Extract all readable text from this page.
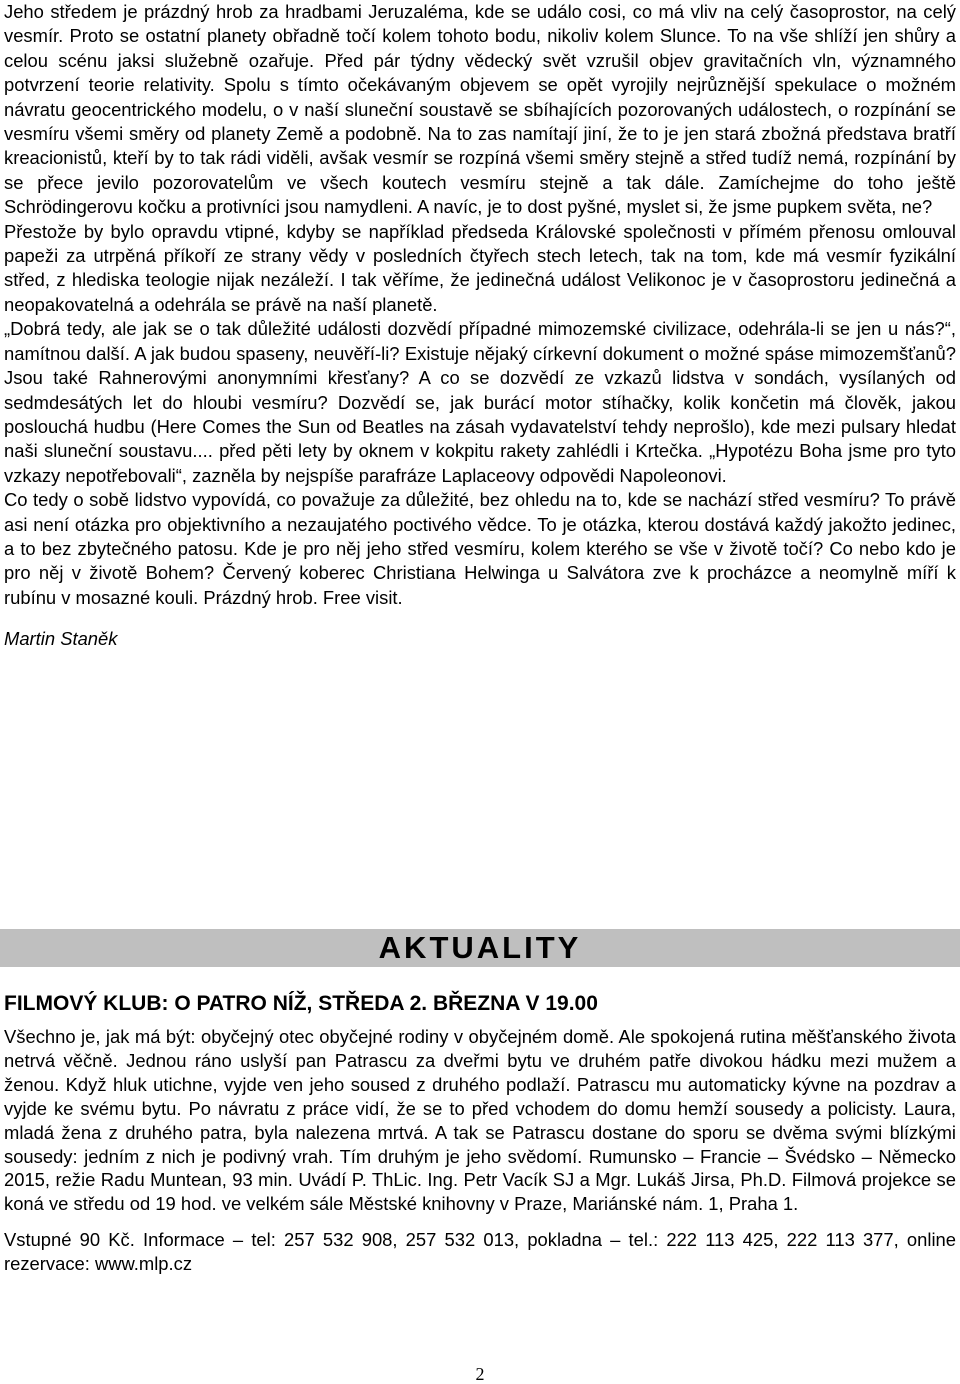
Jeho středem je prázdný hrob za hradbami Jeruzaléma, kde se událo cosi, co má vliv na celý časoprostor, na celý vesmír. Proto se ostatní planety obřadně točí kolem tohoto bodu, nikoliv kolem Slunce. To na vše shlíží jen shůry a celou scénu jaksi služebně ozařuje. Před pár týdny vědecký svět vzrušil objev gravitačních vln, významného potvrzení teorie relativity. Spolu s tímto očekávaným objevem se opět vyrojily nejrůznější spekulace o možném návratu geocentrického modelu, o v naší sluneční soustavě se sbíhajících pozorovaných událostech, o rozpínání se vesmíru všemi směry od planety Země a podobně. Na to zas namítají jiní, že to je jen stará zbožná představa bratří kreacionistů, kteří by to tak rádi viděli, avšak vesmír se rozpíná všemi směry stejně a střed tudíž nemá, rozpínání by se přece jevilo pozorovatelům ve všech koutech vesmíru stejně a tak dále. Zamíchejme do toho ještě Schrödingerovu kočku a protivníci jsou namydleni. A navíc, je to dost pyšné, myslet si, že jsme pupkem světa, ne?

Přestože by bylo opravdu vtipné, kdyby se například předseda Královské společnosti v přímém přenosu omlouval papeži za utrpěná příkoří ze strany vědy v posledních čtyřech stech letech, tak na tom, kde má vesmír fyzikální střed, z hlediska teologie nijak nezáleží. I tak věříme, že jedinečná událost Velikonoc je v časoprostoru jedinečná a neopakovatelná a odehrála se právě na naší planetě.

„Dobrá tedy, ale jak se o tak důležité události dozvědí případné mimozemské civilizace, odehrála-li se jen u nás?“, namítnou další. A jak budou spaseny, neuvěří-li? Existuje nějaký církevní dokument o možné spáse mimozemšťanů? Jsou také Rahnerovými anonymními křesťany? A co se dozvědí ze vzkazů lidstva v sondách, vysílaných od sedmdesátých let do hloubi vesmíru? Dozvědí se, jak burácí motor stíhačky, kolik končetin má člověk, jakou poslouchá hudbu (Here Comes the Sun od Beatles na zásah vydavatelství tehdy neprošlo), kde mezi pulsary hledat naši sluneční soustavu.... před pěti lety by oknem v kokpitu rakety zahlédli i Krtečka. „Hypotézu Boha jsme pro tyto vzkazy nepotřebovali“, zazněla by nejspíše parafráze Laplaceovy odpovědi Napoleonovi.

Co tedy o sobě lidstvo vypovídá, co považuje za důležité, bez ohledu na to, kde se nachází střed vesmíru? To právě asi není otázka pro objektivního a nezaujatého poctivého vědce. To je otázka, kterou dostává každý jakožto jedinec, a to bez zbytečného patosu. Kde je pro něj jeho střed vesmíru, kolem kterého se vše v životě točí? Co nebo kdo je pro něj v životě Bohem? Červený koberec Christiana Helwinga u Salvátora zve k procházce a neomylně míří k rubínu v mosazné kouli. Prázdný hrob. Free visit.

Martin Staněk

AKTUALITY
FILMOVÝ KLUB: O PATRO NÍŽ, STŘEDA 2. BŘEZNA V 19.00

Všechno je, jak má být: obyčejný otec obyčejné rodiny v obyčejném domě. Ale spokojená rutina měšťanského života netrvá věčně. Jednou ráno uslyší pan Patrascu za dveřmi bytu ve druhém patře divokou hádku mezi mužem a ženou. Když hluk utichne, vyjde ven jeho soused z druhého podlaží. Patrascu mu automaticky kývne na pozdrav a vyjde ke svému bytu. Po návratu z práce vidí, že se to před vchodem do domu hemží sousedy a policisty. Laura, mladá žena z druhého patra, byla nalezena mrtvá. A tak se Patrascu dostane do sporu se dvěma svými blízkými sousedy: jedním z nich je podivný vrah. Tím druhým je jeho svědomí. Rumunsko – Francie – Švédsko – Německo 2015, režie Radu Muntean, 93 min. Uvádí P. ThLic. Ing. Petr Vacík SJ a Mgr. Lukáš Jirsa, Ph.D. Filmová projekce se koná ve středu od 19 hod. ve velkém sále Městské knihovny v Praze, Mariánské nám. 1, Praha 1.

Vstupné 90 Kč. Informace – tel: 257 532 908, 257 532 013, pokladna – tel.: 222 113 425, 222 113 377, online rezervace: www.mlp.cz

2
